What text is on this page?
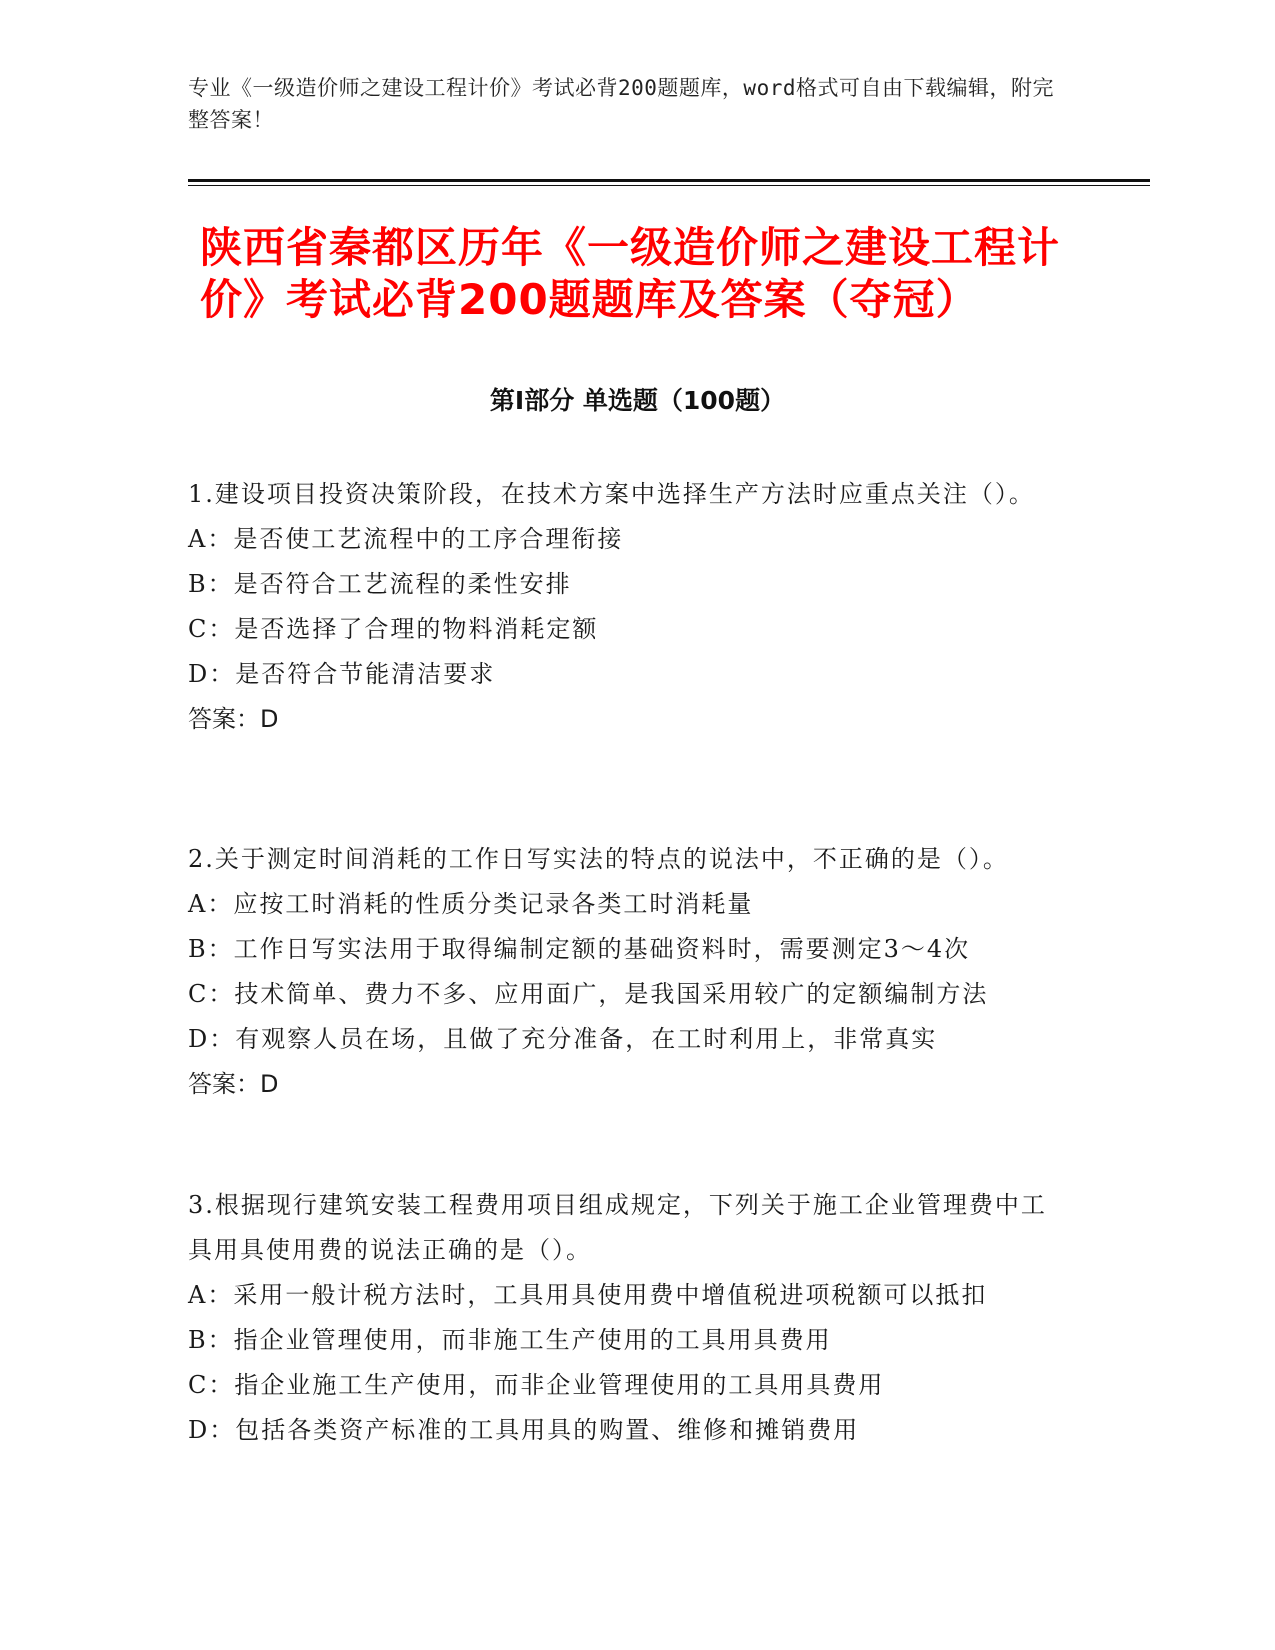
专业《一级造价师之建设工程计价》考试必背200题题库，word格式可自由下载编辑，附完整答案！
陕西省秦都区历年《一级造价师之建设工程计价》考试必背200题题库及答案（夺冠）
第Ⅰ部分 单选题（100题）
1.建设项目投资决策阶段，在技术方案中选择生产方法时应重点关注（）。
A：是否使工艺流程中的工序合理衔接
B：是否符合工艺流程的柔性安排
C：是否选择了合理的物料消耗定额
D：是否符合节能清洁要求
答案：D
2.关于测定时间消耗的工作日写实法的特点的说法中，不正确的是（）。
A：应按工时消耗的性质分类记录各类工时消耗量
B：工作日写实法用于取得编制定额的基础资料时，需要测定3～4次
C：技术简单、费力不多、应用面广，是我国采用较广的定额编制方法
D：有观察人员在场，且做了充分准备，在工时利用上，非常真实
答案：D
3.根据现行建筑安装工程费用项目组成规定，下列关于施工企业管理费中工具用具使用费的说法正确的是（）。
A：采用一般计税方法时，工具用具使用费中增值税进项税额可以抵扣
B：指企业管理使用，而非施工生产使用的工具用具费用
C：指企业施工生产使用，而非企业管理使用的工具用具费用
D：包括各类资产标准的工具用具的购置、维修和摊销费用
